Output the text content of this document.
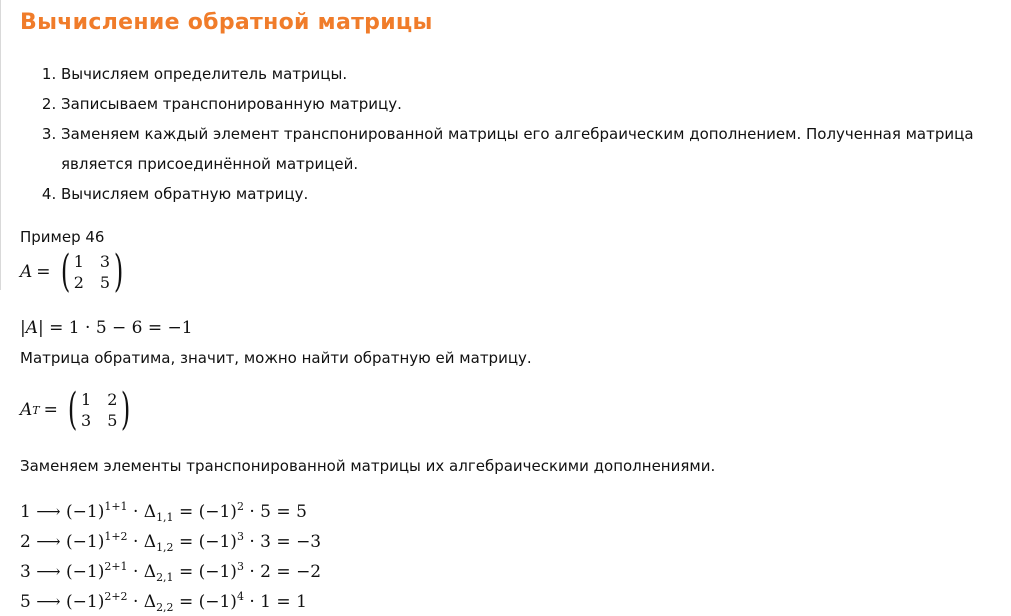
Вычисление обратной матрицы
1. Вычисляем определитель матрицы.
2. Записываем транспонированную матрицу.
3. Заменяем каждый элемент транспонированной матрицы его алгебраическим дополнением. Полученная матрица является присоединённой матрицей.
4. Вычисляем обратную матрицу.
Пример 46
A = ( 1 3
2 5 )
|A| = 1 · 5 − 6 = −1
Матрица обратима, значит, можно найти обратную ей матрицу.
A T = ( 1 2
3 5 )
Заменяем элементы транспонированной матрицы их алгебраическими дополнениями.
1 ⟶ $(-1)^{1+1} \cdot \Delta_{1,1} = (-1)^2 \cdot 5 = 5$
2 ⟶ $(-1)^{1+2} \cdot \Delta_{1,2} = (-1)^3 \cdot 3 = -3$
3 ⟶ $(-1)^{2+1} \cdot \Delta_{2,1} = (-1)^3 \cdot 2 = -2$
5 ⟶ $(-1)^{2+2} \cdot \Delta_{2,2} = (-1)^4 \cdot 1 = 1$
